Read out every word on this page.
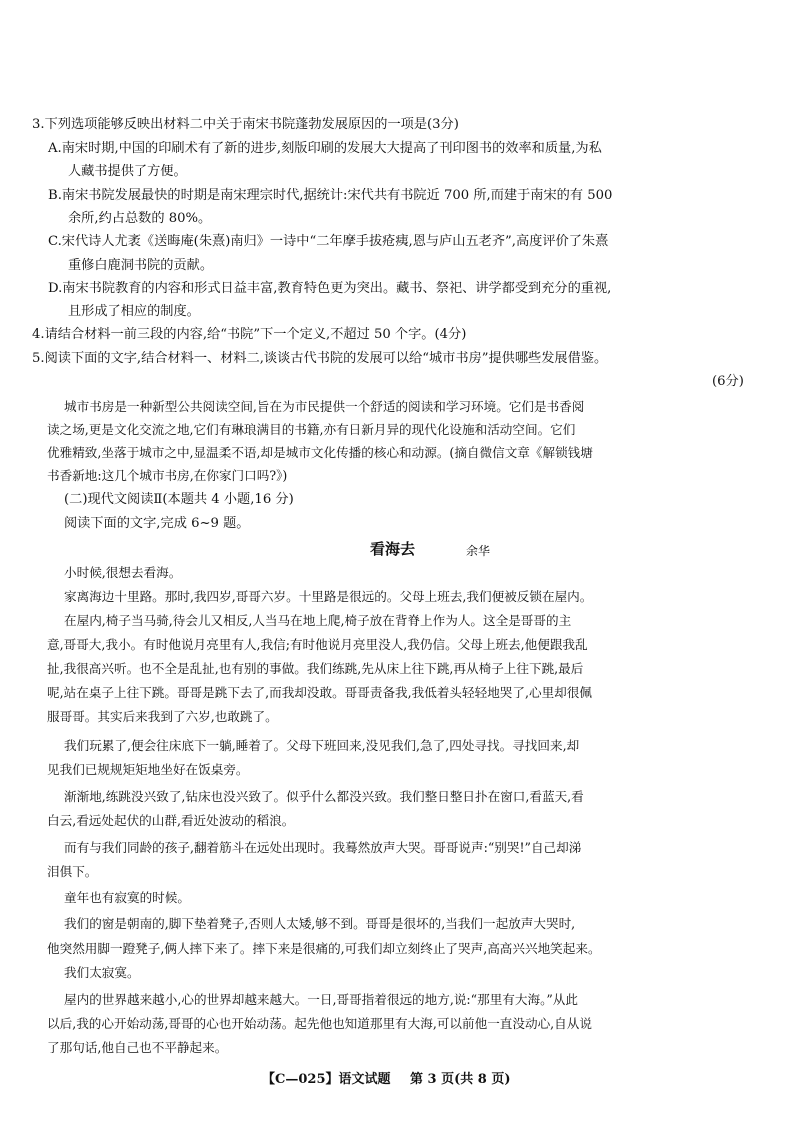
3.下列选项能够反映出材料二中关于南宋书院蓬勃发展原因的一项是(3分)
A.南宋时期,中国的印刷术有了新的进步,刻版印刷的发展大大提高了刊印图书的效率和质量,为私
人藏书提供了方便。
B.南宋书院发展最快的时期是南宋理宗时代,据统计:宋代共有书院近 700 所,而建于南宋的有 500
余所,约占总数的 80%。
C.宋代诗人尤袤《送晦庵(朱熹)南归》一诗中“二年摩手拔疮痍,恩与庐山五老齐”,高度评价了朱熹
重修白鹿洞书院的贡献。
D.南宋书院教育的内容和形式日益丰富,教育特色更为突出。藏书、祭祀、讲学都受到充分的重视,
且形成了相应的制度。
4.请结合材料一前三段的内容,给“书院”下一个定义,不超过 50 个字。(4分)
5.阅读下面的文字,结合材料一、材料二,谈谈古代书院的发展可以给“城市书房”提供哪些发展借鉴。
(6分)
城市书房是一种新型公共阅读空间,旨在为市民提供一个舒适的阅读和学习环境。它们是书香阅
读之场,更是文化交流之地,它们有琳琅满目的书籍,亦有日新月异的现代化设施和活动空间。它们
优雅精致,坐落于城市之中,显温柔不语,却是城市文化传播的核心和动源。(摘自微信文章《解锁钱塘
书香新地:这几个城市书房,在你家门口吗?》)
(二)现代文阅读Ⅱ(本题共 4 小题,16 分)
阅读下面的文字,完成 6~9 题。
看海去	余华
小时候,很想去看海。
家离海边十里路。那时,我四岁,哥哥六岁。十里路是很远的。父母上班去,我们便被反锁在屋内。
在屋内,椅子当马骑,待会儿又相反,人当马在地上爬,椅子放在背脊上作为人。这全是哥哥的主
意,哥哥大,我小。有时他说月亮里有人,我信;有时他说月亮里没人,我仍信。父母上班去,他便跟我乱
扯,我很高兴听。也不全是乱扯,也有别的事做。我们练跳,先从床上往下跳,再从椅子上往下跳,最后
呢,站在桌子上往下跳。哥哥是跳下去了,而我却没敢。哥哥责备我,我低着头轻轻地哭了,心里却很佩
服哥哥。其实后来我到了六岁,也敢跳了。
我们玩累了,便会往床底下一躺,睡着了。父母下班回来,没见我们,急了,四处寻找。寻找回来,却
见我们已规规矩矩地坐好在饭桌旁。
渐渐地,练跳没兴致了,钻床也没兴致了。似乎什么都没兴致。我们整日整日扑在窗口,看蓝天,看
白云,看远处起伏的山群,看近处波动的稻浪。
而有与我们同龄的孩子,翻着筋斗在远处出现时。我蓦然放声大哭。哥哥说声:“别哭!”自己却涕
泪俱下。
童年也有寂寞的时候。
我们的窗是朝南的,脚下垫着凳子,否则人太矮,够不到。哥哥是很坏的,当我们一起放声大哭时,
他突然用脚一蹬凳子,俩人摔下来了。摔下来是很痛的,可我们却立刻终止了哭声,高高兴兴地笑起来。
我们太寂寞。
屋内的世界越来越小,心的世界却越来越大。一日,哥哥指着很远的地方,说:“那里有大海。”从此
以后,我的心开始动荡,哥哥的心也开始动荡。起先他也知道那里有大海,可以前他一直没动心,自从说
了那句话,他自己也不平静起来。
【C—025】语文试题 第 3 页(共 8 页)
